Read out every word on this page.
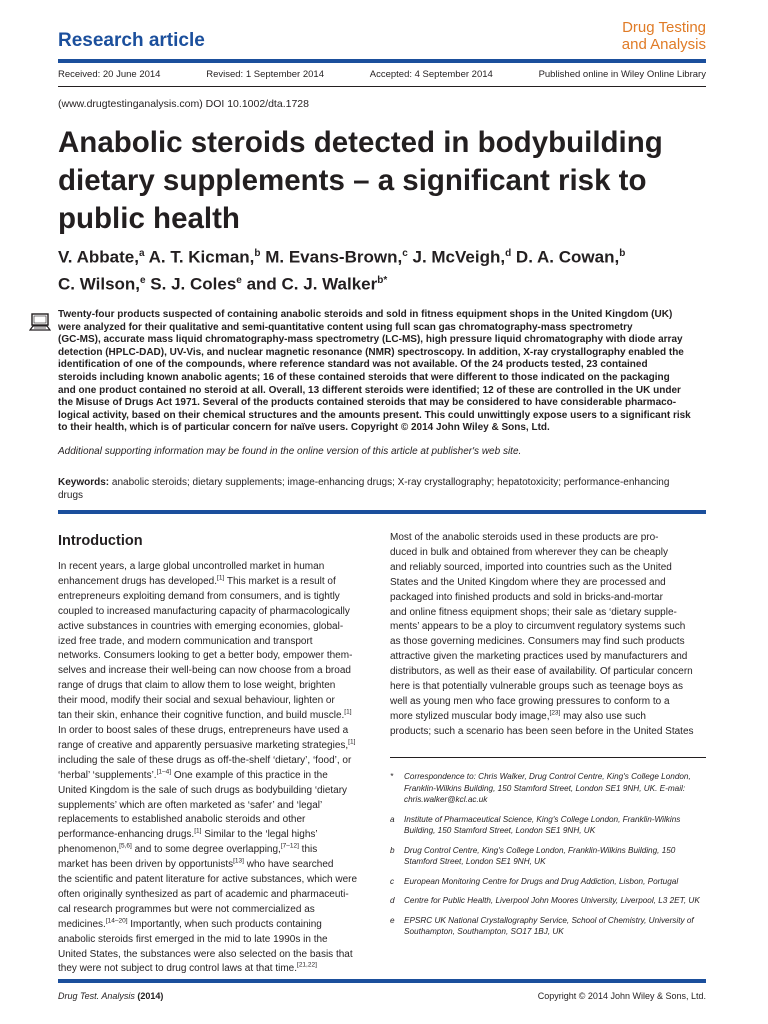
Research article
Drug Testing
and Analysis
Received: 20 June 2014	Revised: 1 September 2014	Accepted: 4 September 2014	Published online in Wiley Online Library
(www.drugtestinganalysis.com) DOI 10.1002/dta.1728
Anabolic steroids detected in bodybuilding
dietary supplements – a significant risk to
public health
V. Abbate,$^a$ A. T. Kicman,$^b$ M. Evans-Brown,$^c$ J. McVeigh,$^d$ D. A. Cowan,$^b$
C. Wilson,$^e$ S. J. Coles$^e$ and C. J. Walker$^{b*}$
Twenty-four products suspected of containing anabolic steroids and sold in fitness equipment shops in the United Kingdom (UK)
were analyzed for their qualitative and semi-quantitative content using full scan gas chromatography-mass spectrometry
(GC-MS), accurate mass liquid chromatography-mass spectrometry (LC-MS), high pressure liquid chromatography with diode array
detection (HPLC-DAD), UV-Vis, and nuclear magnetic resonance (NMR) spectroscopy. In addition, X-ray crystallography enabled the
identification of one of the compounds, where reference standard was not available. Of the 24 products tested, 23 contained
steroids including known anabolic agents; 16 of these contained steroids that were different to those indicated on the packaging
and one product contained no steroid at all. Overall, 13 different steroids were identified; 12 of these are controlled in the UK under
the Misuse of Drugs Act 1971. Several of the products contained steroids that may be considered to have considerable pharmaco-
logical activity, based on their chemical structures and the amounts present. This could unwittingly expose users to a significant risk
to their health, which is of particular concern for naïve users. Copyright © 2014 John Wiley & Sons, Ltd.
Additional supporting information may be found in the online version of this article at publisher's web site.
Keywords: anabolic steroids; dietary supplements; image-enhancing drugs; X-ray crystallography; hepatotoxicity; performance-enhancing
drugs
Introduction
In recent years, a large global uncontrolled market in human
enhancement drugs has developed.[1] This market is a result of
entrepreneurs exploiting demand from consumers, and is tightly
coupled to increased manufacturing capacity of pharmacologically
active substances in countries with emerging economies, global-
ized free trade, and modern communication and transport
networks. Consumers looking to get a better body, empower them-
selves and increase their well-being can now choose from a broad
range of drugs that claim to allow them to lose weight, brighten
their mood, modify their social and sexual behaviour, lighten or
tan their skin, enhance their cognitive function, and build muscle.[1]
In order to boost sales of these drugs, entrepreneurs have used a
range of creative and apparently persuasive marketing strategies,[1]
including the sale of these drugs as off-the-shelf ‘dietary’, ‘food’, or
‘herbal’ ‘supplements’.[1–4] One example of this practice in the
United Kingdom is the sale of such drugs as bodybuilding ‘dietary
supplements’ which are often marketed as ‘safer’ and ‘legal’
replacements to established anabolic steroids and other
performance-enhancing drugs.[1] Similar to the ‘legal highs’
phenomenon,[5,6] and to some degree overlapping,[7–12] this
market has been driven by opportunists[13] who have searched
the scientific and patent literature for active substances, which were
often originally synthesized as part of academic and pharmaceuti-
cal research programmes but were not commercialized as
medicines.[14–20] Importantly, when such products containing
anabolic steroids first emerged in the mid to late 1990s in the
United States, the substances were also selected on the basis that
they were not subject to drug control laws at that time.[21,22]
Most of the anabolic steroids used in these products are pro-
duced in bulk and obtained from wherever they can be cheaply
and reliably sourced, imported into countries such as the United
States and the United Kingdom where they are processed and
packaged into finished products and sold in bricks-and-mortar
and online fitness equipment shops; their sale as ‘dietary supple-
ments’ appears to be a ploy to circumvent regulatory systems such
as those governing medicines. Consumers may find such products
attractive given the marketing practices used by manufacturers and
distributors, as well as their ease of availability. Of particular concern
here is that potentially vulnerable groups such as teenage boys as
well as young men who face growing pressures to conform to a
more stylized muscular body image,[23] may also use such
products; such a scenario has been seen before in the United States
*	Correspondence to: Chris Walker, Drug Control Centre, King's College London,
Franklin-Wilkins Building, 150 Stamford Street, London SE1 9NH, UK. E-mail:
chris.walker@kcl.ac.uk
a	Institute of Pharmaceutical Science, King's College London, Franklin-Wilkins
Building, 150 Stamford Street, London SE1 9NH, UK
b	Drug Control Centre, King's College London, Franklin-Wilkins Building, 150
Stamford Street, London SE1 9NH, UK
c	European Monitoring Centre for Drugs and Drug Addiction, Lisbon, Portugal
d	Centre for Public Health, Liverpool John Moores University, Liverpool, L3 2ET, UK
e	EPSRC UK National Crystallography Service, School of Chemistry, University of
Southampton, Southampton, SO17 1BJ, UK
Drug Test. Analysis (2014)	Copyright © 2014 John Wiley & Sons, Ltd.
